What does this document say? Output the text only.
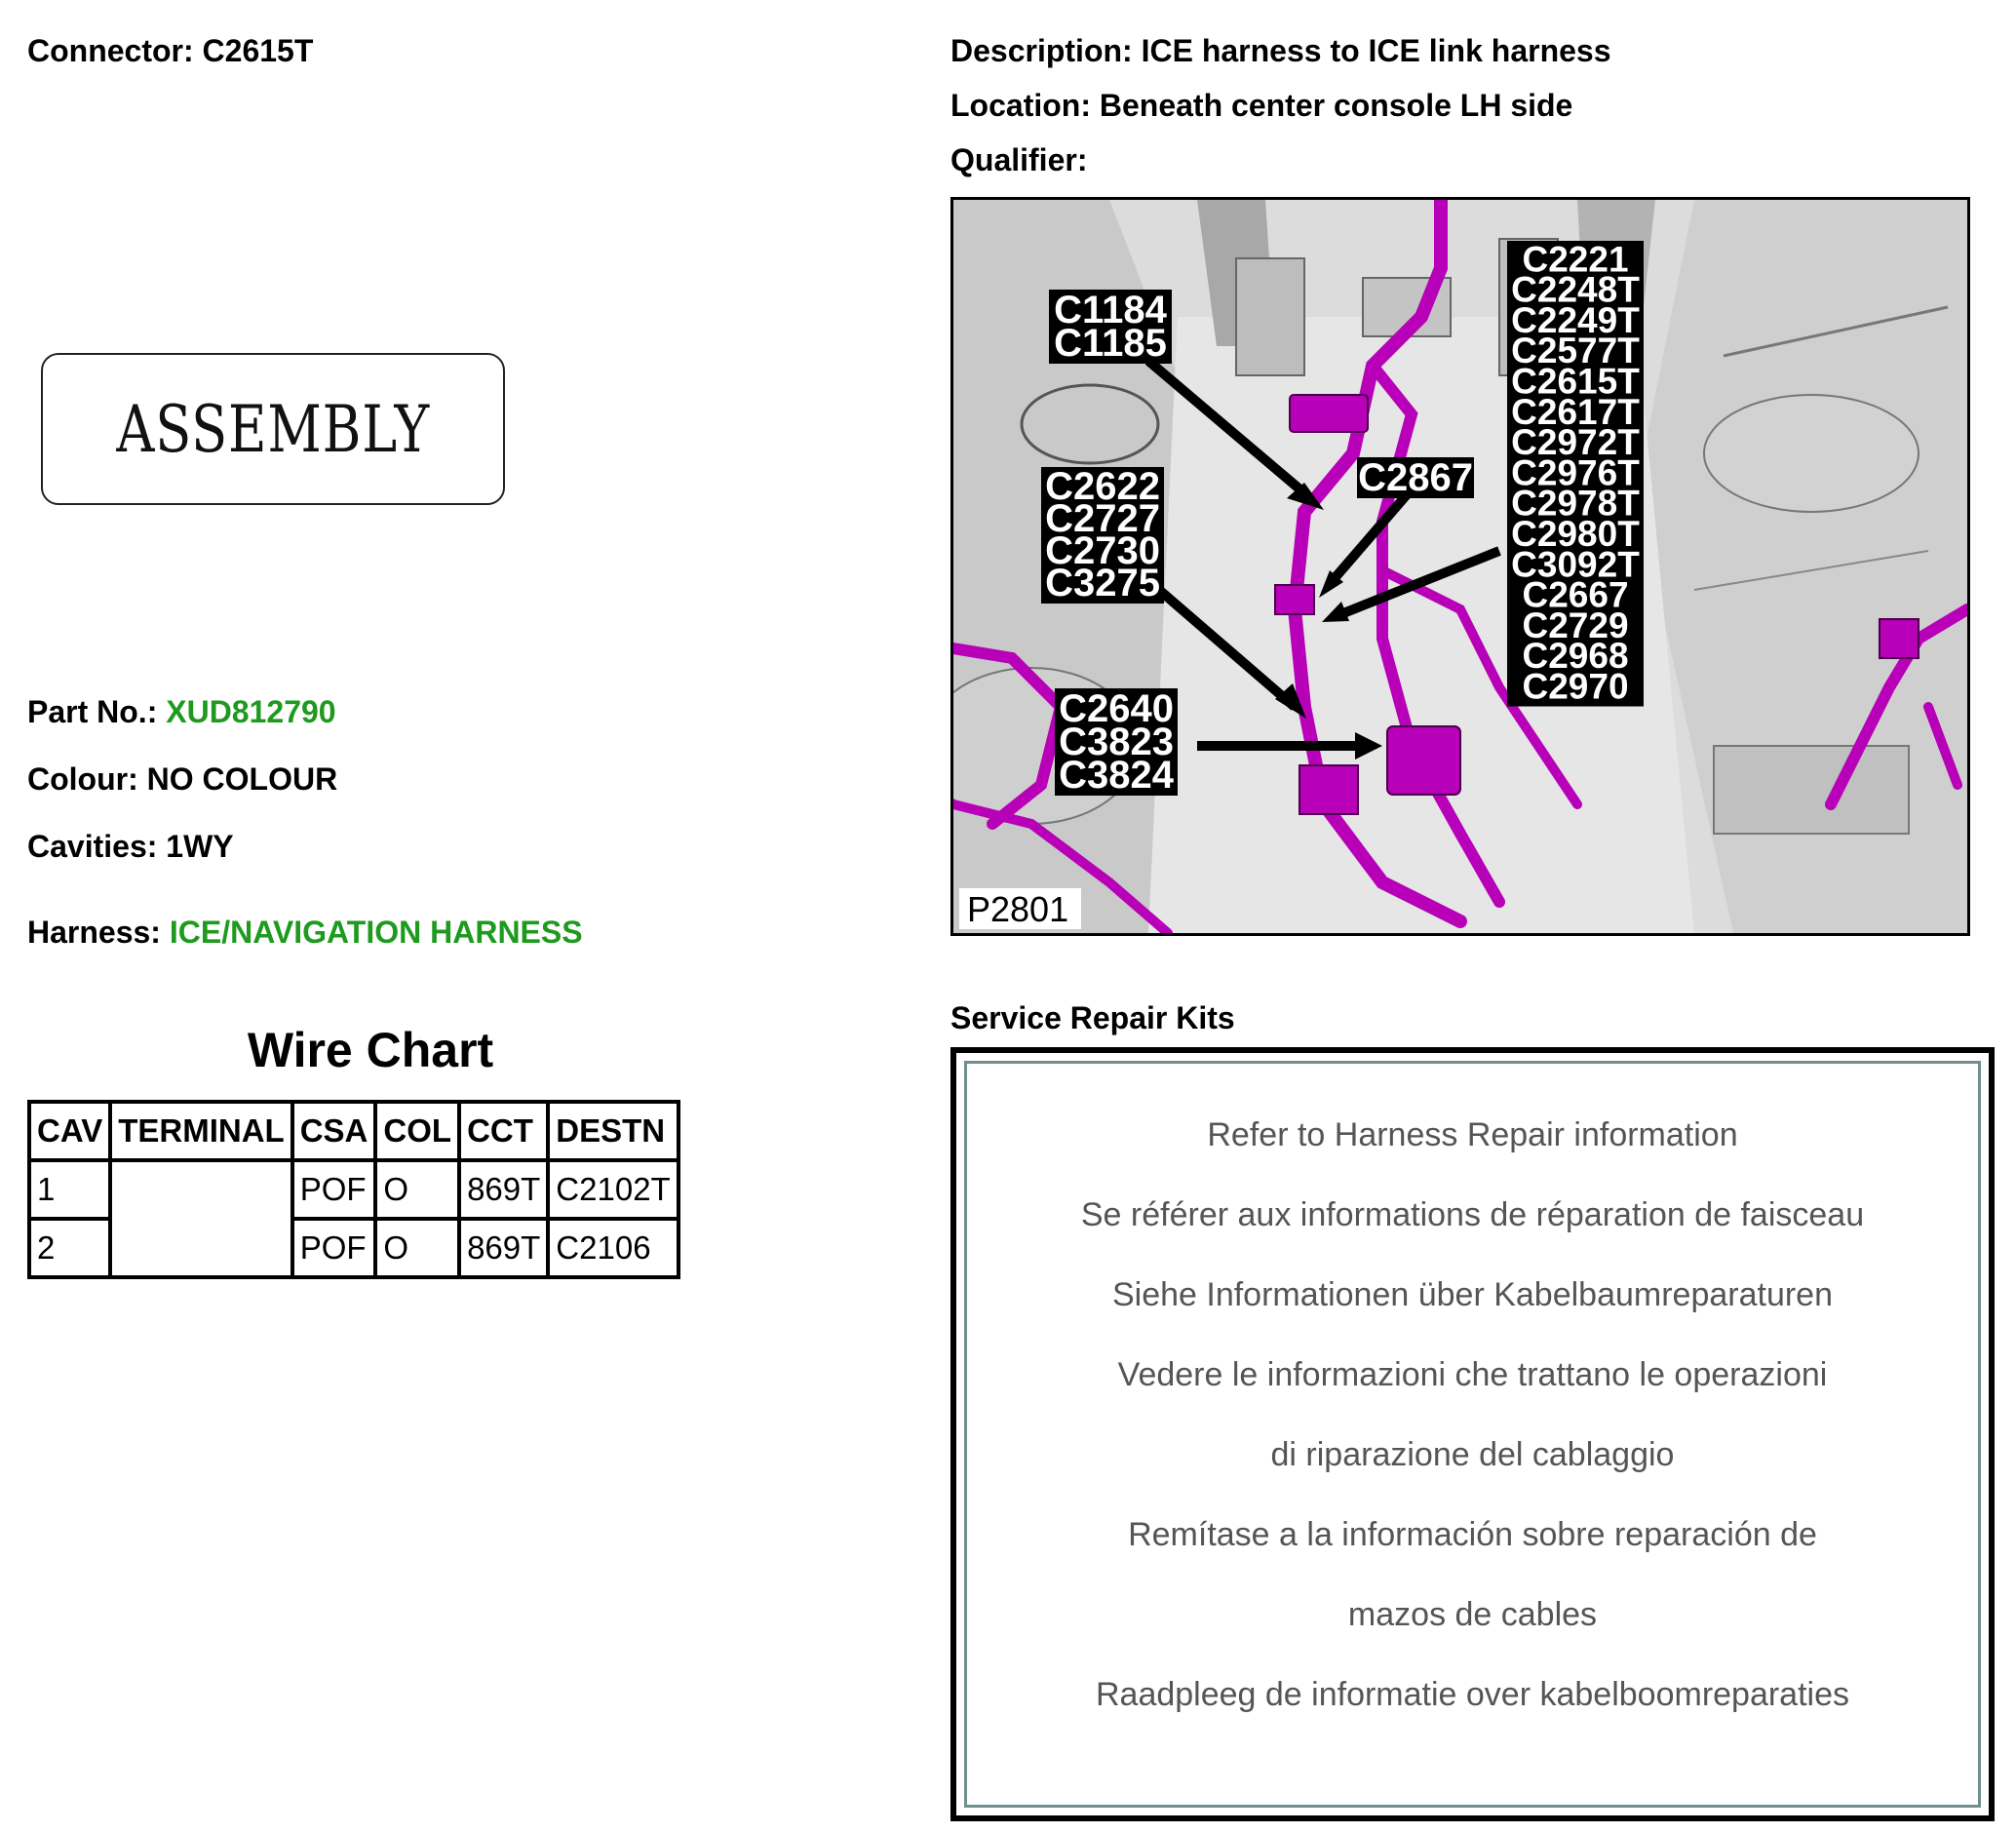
Connector: C2615T
ASSEMBLY
Part No.: XUD812790
Colour: NO COLOUR
Cavities: 1WY
Harness: ICE/NAVIGATION HARNESS
Wire Chart
CAV	TERMINAL	CSA	COL	CCT	DESTN
1		POF	O	869T	C2102T
2		POF	O	869T	C2106
Description: ICE harness to ICE link harness
Location: Beneath center console LH side
Qualifier:
C1184
C1185
C2622
C2727
C2730
C3275
C2640
C3823
C3824
C2867
C2221
C2248T
C2249T
C2577T
C2615T
C2617T
C2972T
C2976T
C2978T
C2980T
C3092T
C2667
C2729
C2968
C2970
P2801
Service Repair Kits
Refer to Harness Repair information
Se référer aux informations de réparation de faisceau
Siehe Informationen über Kabelbaumreparaturen
Vedere le informazioni che trattano le operazioni
di riparazione del cablaggio
Remítase a la información sobre reparación de
mazos de cables
Raadpleeg de informatie over kabelboomreparaties
